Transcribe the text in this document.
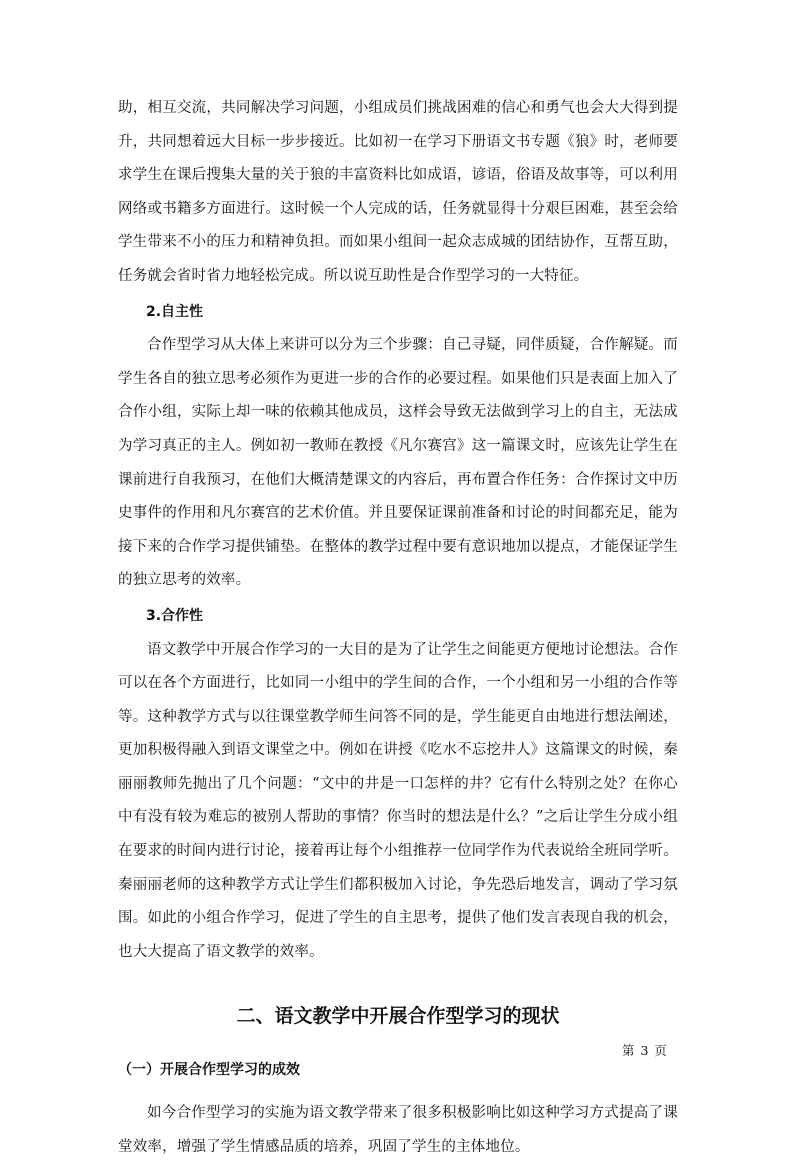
助，相互交流，共同解决学习问题，小组成员们挑战困难的信心和勇气也会大大得到提升，共同想着远大目标一步步接近。比如初一在学习下册语文书专题《狼》时，老师要求学生在课后搜集大量的关于狼的丰富资料比如成语，谚语，俗语及故事等，可以利用网络或书籍多方面进行。这时候一个人完成的话，任务就显得十分艰巨困难，甚至会给学生带来不小的压力和精神负担。而如果小组间一起众志成城的团结协作，互帮互助，任务就会省时省力地轻松完成。所以说互助性是合作型学习的一大特征。

2.自主性

合作型学习从大体上来讲可以分为三个步骤：自己寻疑，同伴质疑，合作解疑。而学生各自的独立思考必须作为更进一步的合作的必要过程。如果他们只是表面上加入了合作小组，实际上却一味的依赖其他成员，这样会导致无法做到学习上的自主，无法成为学习真正的主人。例如初一教师在教授《凡尔赛宫》这一篇课文时，应该先让学生在课前进行自我预习，在他们大概清楚课文的内容后，再布置合作任务：合作探讨文中历史事件的作用和凡尔赛宫的艺术价值。并且要保证课前准备和讨论的时间都充足，能为接下来的合作学习提供铺垫。在整体的教学过程中要有意识地加以提点，才能保证学生的独立思考的效率。

3.合作性

语文教学中开展合作学习的一大目的是为了让学生之间能更方便地讨论想法。合作可以在各个方面进行，比如同一小组中的学生间的合作，一个小组和另一小组的合作等等。这种教学方式与以往课堂教学师生问答不同的是，学生能更自由地进行想法阐述，更加积极得融入到语文课堂之中。例如在讲授《吃水不忘挖井人》这篇课文的时候，秦丽丽教师先抛出了几个问题：“文中的井是一口怎样的井？它有什么特别之处？在你心中有没有较为难忘的被别人帮助的事情？你当时的想法是什么？”之后让学生分成小组在要求的时间内进行讨论，接着再让每个小组推荐一位同学作为代表说给全班同学听。秦丽丽老师的这种教学方式让学生们都积极加入讨论，争先恐后地发言，调动了学习氛围。如此的小组合作学习，促进了学生的自主思考，提供了他们发言表现自我的机会，也大大提高了语文教学的效率。

二、语文教学中开展合作型学习的现状
（一）开展合作型学习的成效

如今合作型学习的实施为语文教学带来了很多积极影响比如这种学习方式提高了课堂效率，增强了学生情感品质的培养，巩固了学生的主体地位。

第 3 页
